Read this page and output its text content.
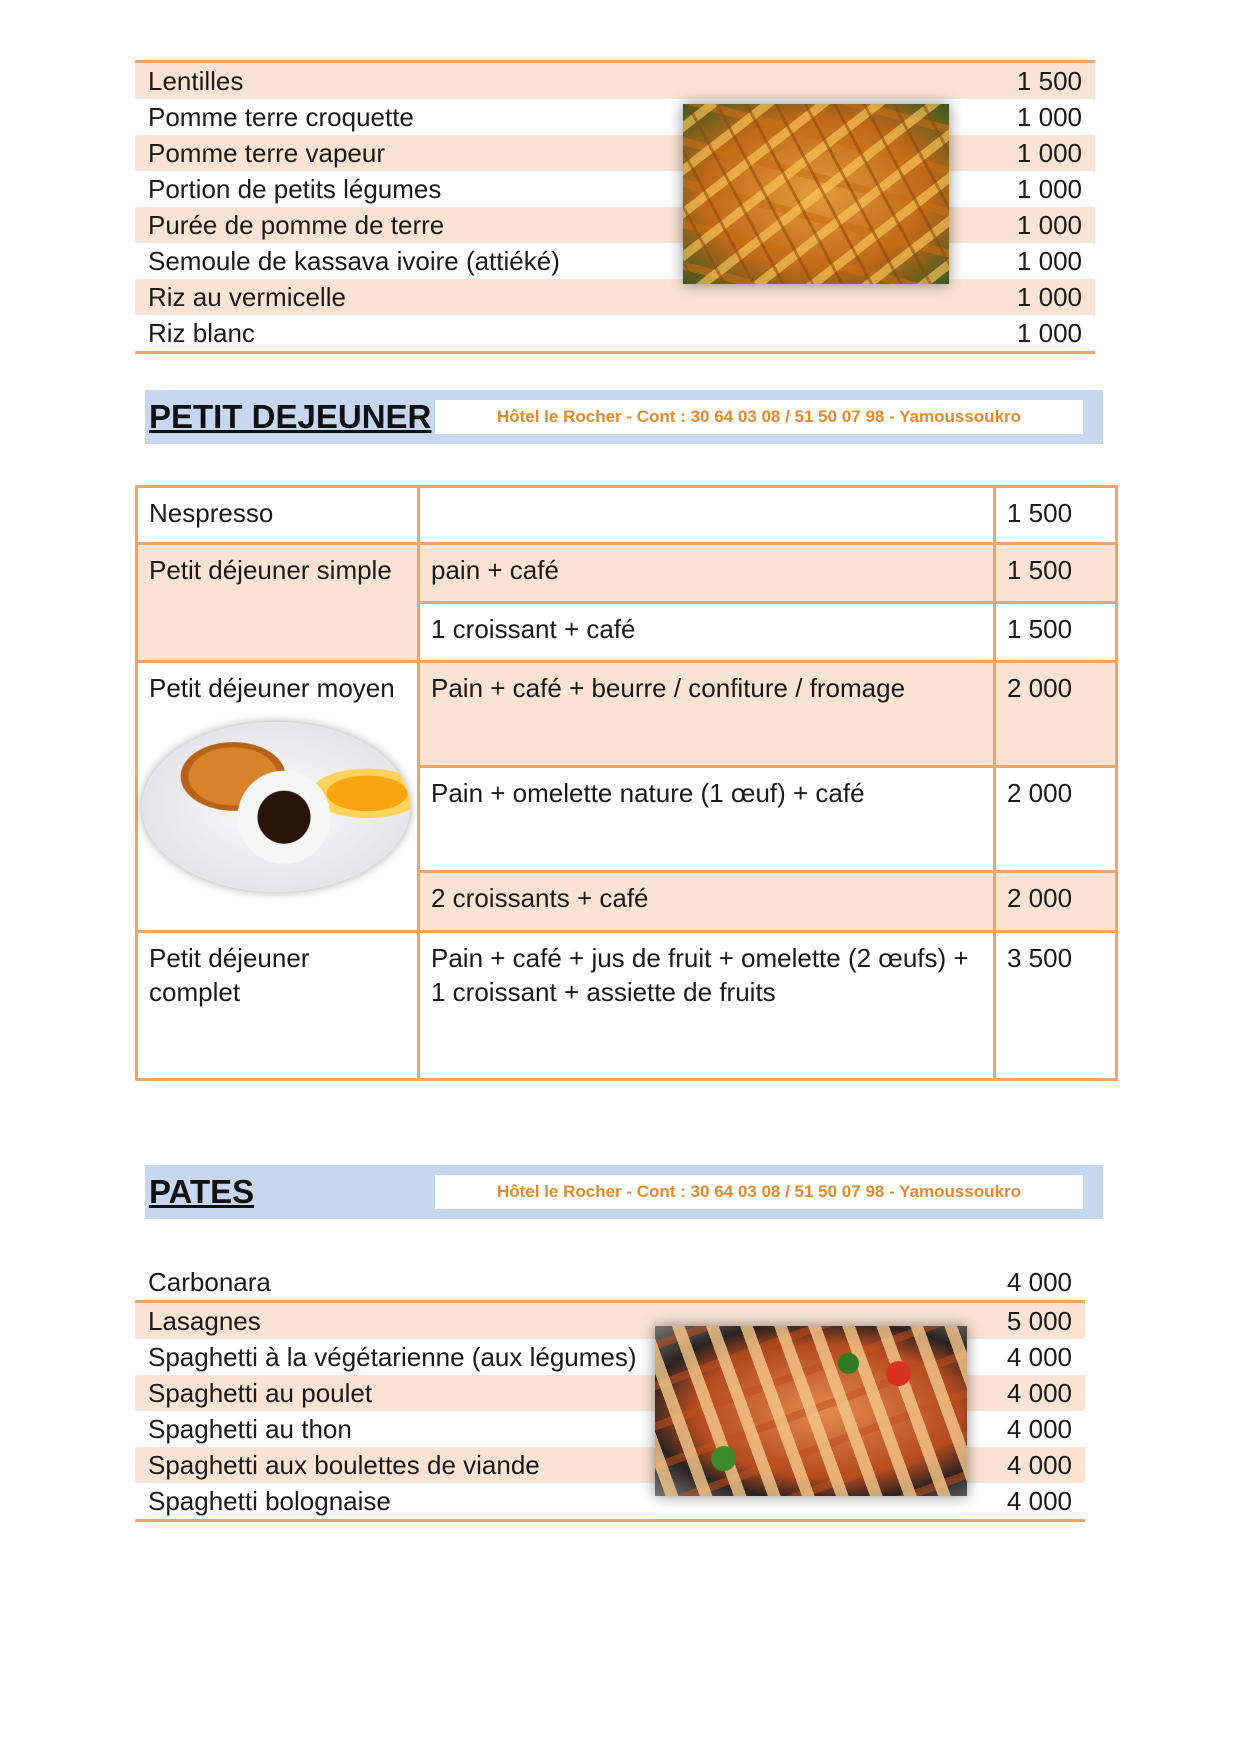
Lentilles	1 500
Pomme terre croquette	1 000
Pomme terre vapeur	1 000
Portion de petits légumes	1 000
Purée de pomme de terre	1 000
Semoule de kassava ivoire (attiéké)	1 000
Riz au vermicelle	1 000
Riz blanc	1 000
PETIT DEJEUNER	Hôtel le Rocher - Cont : 30 64 03 08 / 51 50 07 98 - Yamoussoukro
Nespresso		1 500
Petit déjeuner simple	pain + café	1 500
	1 croissant + café	1 500
Petit déjeuner moyen	Pain + café + beurre / confiture / fromage	2 000
	Pain + omelette nature (1 œuf) + café	2 000
	2 croissants + café	2 000
Petit déjeuner complet	Pain + café + jus de fruit + omelette (2 œufs) + 1 croissant + assiette de fruits	3 500
PATES	Hôtel le Rocher - Cont : 30 64 03 08 / 51 50 07 98 - Yamoussoukro
Carbonara	4 000
Lasagnes	5 000
Spaghetti à la végétarienne (aux légumes)	4 000
Spaghetti au poulet	4 000
Spaghetti au thon	4 000
Spaghetti aux boulettes de viande	4 000
Spaghetti bolognaise	4 000
